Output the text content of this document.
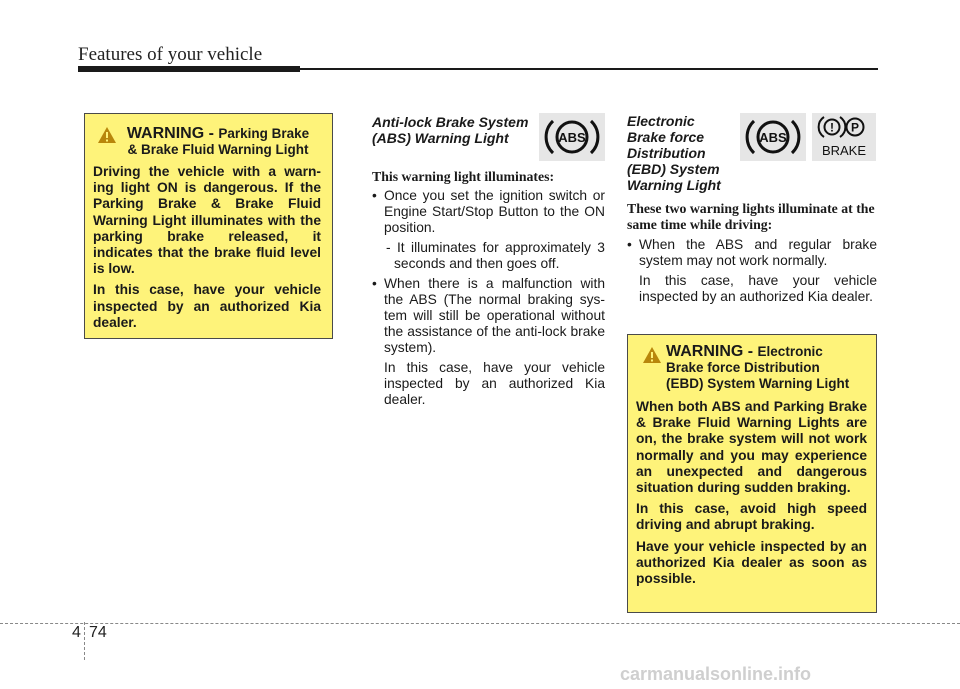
Features of your vehicle
WARNING - Parking Brake
& Brake Fluid Warning Light

Driving the vehicle with a warn- ing light ON is dangerous. If the Parking Brake & Brake Fluid Warning Light illuminates with the parking brake released, it indicates that the brake fluid level is low.

In this case, have your vehicle inspected by an authorized Kia dealer.

Anti-lock Brake System
(ABS) Warning Light	ABS
This warning light illuminates:
• Once you set the ignition switch or Engine Start/Stop Button to the ON position.
- It illuminates for approximately 3 seconds and then goes off.
• When there is a malfunction with the ABS (The normal braking sys- tem will still be operational without the assistance of the anti-lock brake system).
In this case, have your vehicle inspected by an authorized Kia dealer.
Electronic
Brake force
Distribution
(EBD) System
Warning Light
ABS
! P
BRAKE
These two warning lights illuminate at the same time while driving:
• When the ABS and regular brake system may not work normally.
In this case, have your vehicle inspected by an authorized Kia dealer.
WARNING - Electronic
Brake force Distribution
(EBD) System Warning Light

When both ABS and Parking Brake & Brake Fluid Warning Lights are on, the brake system will not work normally and you may experience an unexpected and dangerous situation during sudden braking.

In this case, avoid high speed driving and abrupt braking.

Have your vehicle inspected by an authorized Kia dealer as soon as possible.

4 74
carmanualsonline.info
